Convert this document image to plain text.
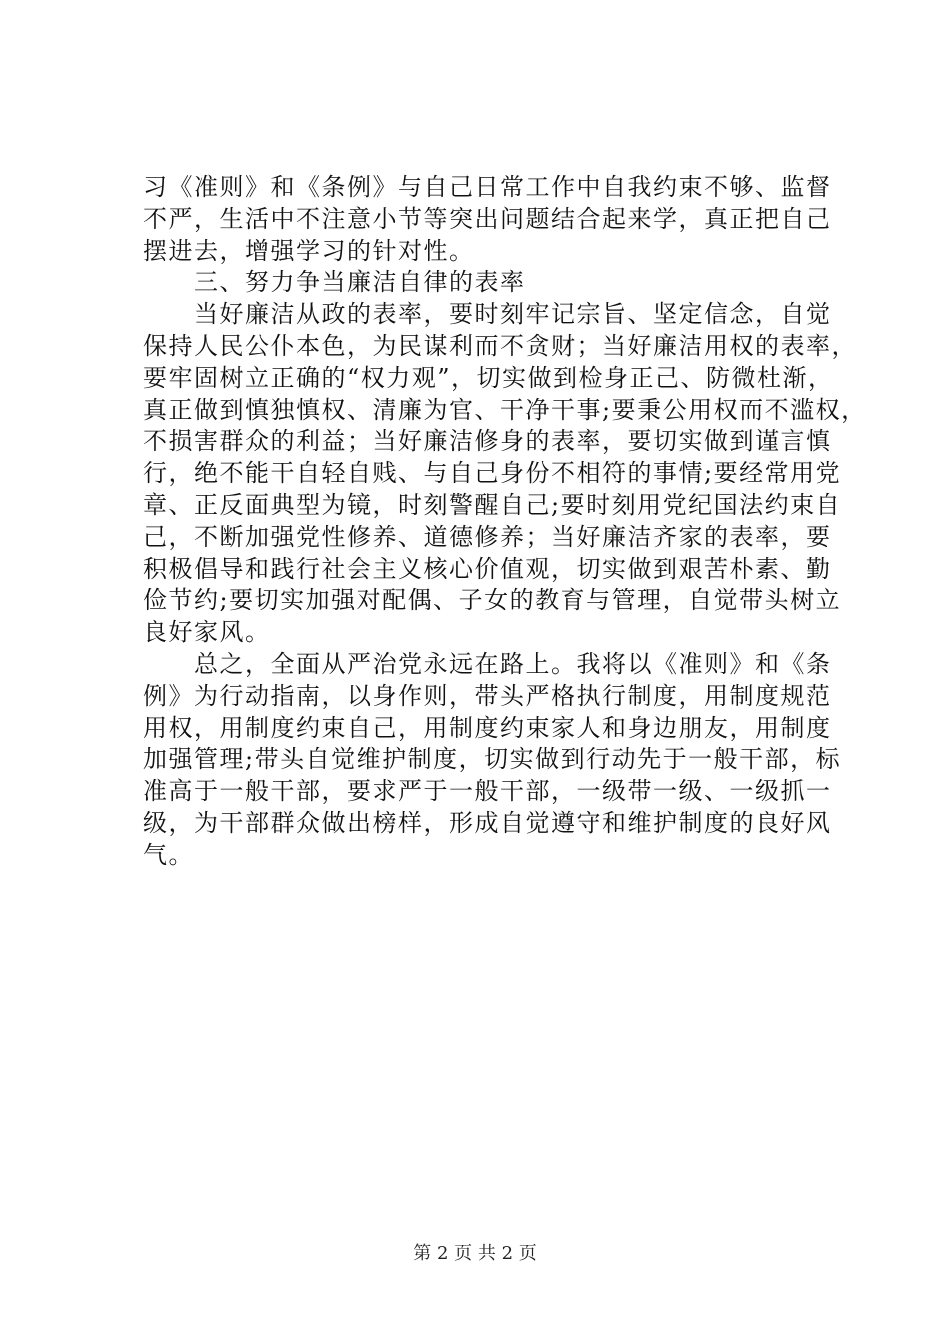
习《准则》和《条例》与自己日常工作中自我约束不够、监督
不严，生活中不注意小节等突出问题结合起来学，真正把自己
摆进去，增强学习的针对性。
　　三、努力争当廉洁自律的表率
　　当好廉洁从政的表率，要时刻牢记宗旨、坚定信念，自觉
保持人民公仆本色，为民谋利而不贪财；当好廉洁用权的表率，
要牢固树立正确的“权力观”，切实做到检身正己、防微杜渐，
真正做到慎独慎权、清廉为官、干净干事;要秉公用权而不滥权，
不损害群众的利益；当好廉洁修身的表率，要切实做到谨言慎
行，绝不能干自轻自贱、与自己身份不相符的事情;要经常用党
章、正反面典型为镜，时刻警醒自己;要时刻用党纪国法约束自
己，不断加强党性修养、道德修养；当好廉洁齐家的表率，要
积极倡导和践行社会主义核心价值观，切实做到艰苦朴素、勤
俭节约;要切实加强对配偶、子女的教育与管理，自觉带头树立
良好家风。
　　总之，全面从严治党永远在路上。我将以《准则》和《条
例》为行动指南，以身作则，带头严格执行制度，用制度规范
用权，用制度约束自己，用制度约束家人和身边朋友，用制度
加强管理;带头自觉维护制度，切实做到行动先于一般干部，标
准高于一般干部，要求严于一般干部，一级带一级、一级抓一
级，为干部群众做出榜样，形成自觉遵守和维护制度的良好风
气。
第 2 页 共 2 页
